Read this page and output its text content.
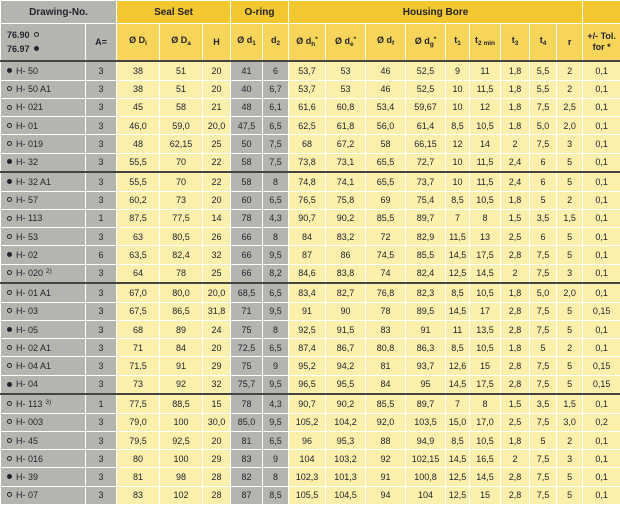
Drawing-No.		Seal Set			O-ring		Housing Bore									

76.90
76.97
	A=	Ø $D_i$	Ø $D_a$	H	Ø $d_1$	$d_2$	Ø $d_h^*$	Ø $d_e^*$	Ø $d_f$	Ø $d_g^*$	$t_1$	$t_{2 min}$	$t_3$	$t_4$	r

+/- Tol.
for *

H- 50	3	38	51	20	41	6	53,7	53	46	52,5	9	11	1,8	5,5	2	0,1
H- 50 A1	3	38	51	20	40	6,7	53,7	53	46	52,5	10	11,5	1,8	5,5	2	0,1
H- 021	3	45	58	21	48	6,1	61,6	60,8	53,4	59,67	10	12	1,8	7,5	2,5	0,1
H- 01	3	46,0	59,0	20,0	47,5	6,5	62,5	61,8	56,0	61,4	8,5	10,5	1,8	5,0	2,0	0,1
H- 019	3	48	62,15	25	50	7,5	68	67,2	58	66,15	12	14	2	7,5	3	0,1
H- 32	3	55,5	70	22	58	7,5	73,8	73,1	65,5	72,7	10	11,5	2,4	6	5	0,1
H- 32 A1	3	55,5	70	22	58	8	74,8	74,1	65,5	73,7	10	11,5	2,4	6	5	0,1
H- 57	3	60,2	73	20	60	6,5	76,5	75,8	69	75,4	8,5	10,5	1,8	5	2	0,1
H- 113	1	87,5	77,5	14	78	4,3	90,7	90,2	85,5	89,7	7	8	1,5	3,5	1,5	0,1
H- 53	3	63	80,5	26	66	8	84	83,2	72	82,9	11,5	13	2,5	6	5	0,1
H- 02	6	63,5	82,4	32	66	9,5	87	86	74,5	85,5	14,5	17,5	2,8	7,5	5	0,1
H- 020 $^{2)}$	3	64	78	25	66	8,2	84,6	83,8	74	82,4	12,5	14,5	2	7,5	3	0,1
H- 01 A1	3	67,0	80,0	20,0	68,5	6,5	83,4	82,7	76,8	82,3	8,5	10,5	1,8	5,0	2,0	0,1
H- 03	3	67,5	86,5	31,8	71	9,5	91	90	78	89,5	14,5	17	2,8	7,5	5	0,15
H- 05	3	68	89	24	75	8	92,5	91,5	83	91	11	13,5	2,8	7,5	5	0,1
H- 02 A1	3	71	84	20	72,5	6,5	87,4	86,7	80,8	86,3	8,5	10,5	1,8	5	2	0,1
H- 04 A1	3	71,5	91	29	75	9	95,2	94,2	81	93,7	12,6	15	2,8	7,5	5	0,15
H- 04	3	73	92	32	75,7	9,5	96,5	95,5	84	95	14,5	17,5	2,8	7,5	5	0,15
H- 113 $^{3)}$	1	77,5	88,5	15	78	4,3	90,7	90,2	85,5	89,7	7	8	1,5	3,5	1,5	0,1
H- 003	3	79,0	100	30,0	85,0	9,5	105,2	104,2	92,0	103,5	15,0	17,0	2,5	7,5	3,0	0,2
H- 45	3	79,5	92,5	20	81	6,5	96	95,3	88	94,9	8,5	10,5	1,8	5	2	0,1
H- 016	3	80	100	29	83	9	104	103,2	92	102,15	14,5	16,5	2	7,5	3	0,1
H- 39	3	81	98	28	82	8	102,3	101,3	91	100,8	12,5	14,5	2,8	7,5	5	0,1
H- 07	3	83	102	28	87	8,5	105,5	104,5	94	104	12,5	15	2,8	7,5	5	0,1
